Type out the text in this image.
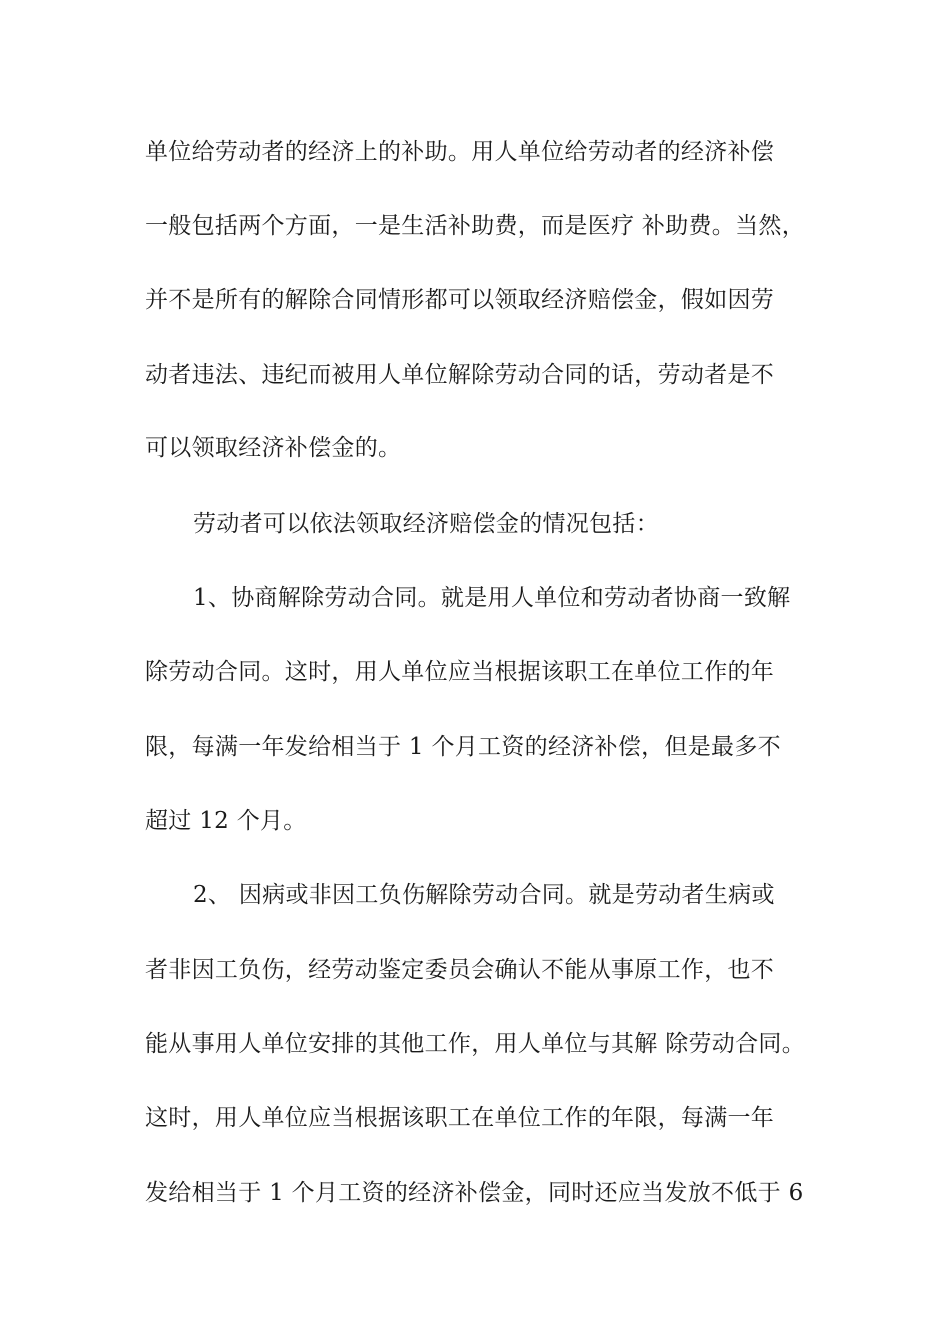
单位给劳动者的经济上的补助。用人单位给劳动者的经济补偿
一般包括两个方面，一是生活补助费，而是医疗 补助费。当然，
并不是所有的解除合同情形都可以领取经济赔偿金，假如因劳
动者违法、违纪而被用人单位解除劳动合同的话，劳动者是不
可以领取经济补偿金的。
劳动者可以依法领取经济赔偿金的情况包括：
1、协商解除劳动合同。就是用人单位和劳动者协商一致解
除劳动合同。这时，用人单位应当根据该职工在单位工作的年
限，每满一年发给相当于 1 个月工资的经济补偿，但是最多不
超过 12 个月。
2、 因病或非因工负伤解除劳动合同。就是劳动者生病或
者非因工负伤，经劳动鉴定委员会确认不能从事原工作，也不
能从事用人单位安排的其他工作，用人单位与其解 除劳动合同。
这时，用人单位应当根据该职工在单位工作的年限，每满一年
发给相当于 1 个月工资的经济补偿金，同时还应当发放不低于 6
